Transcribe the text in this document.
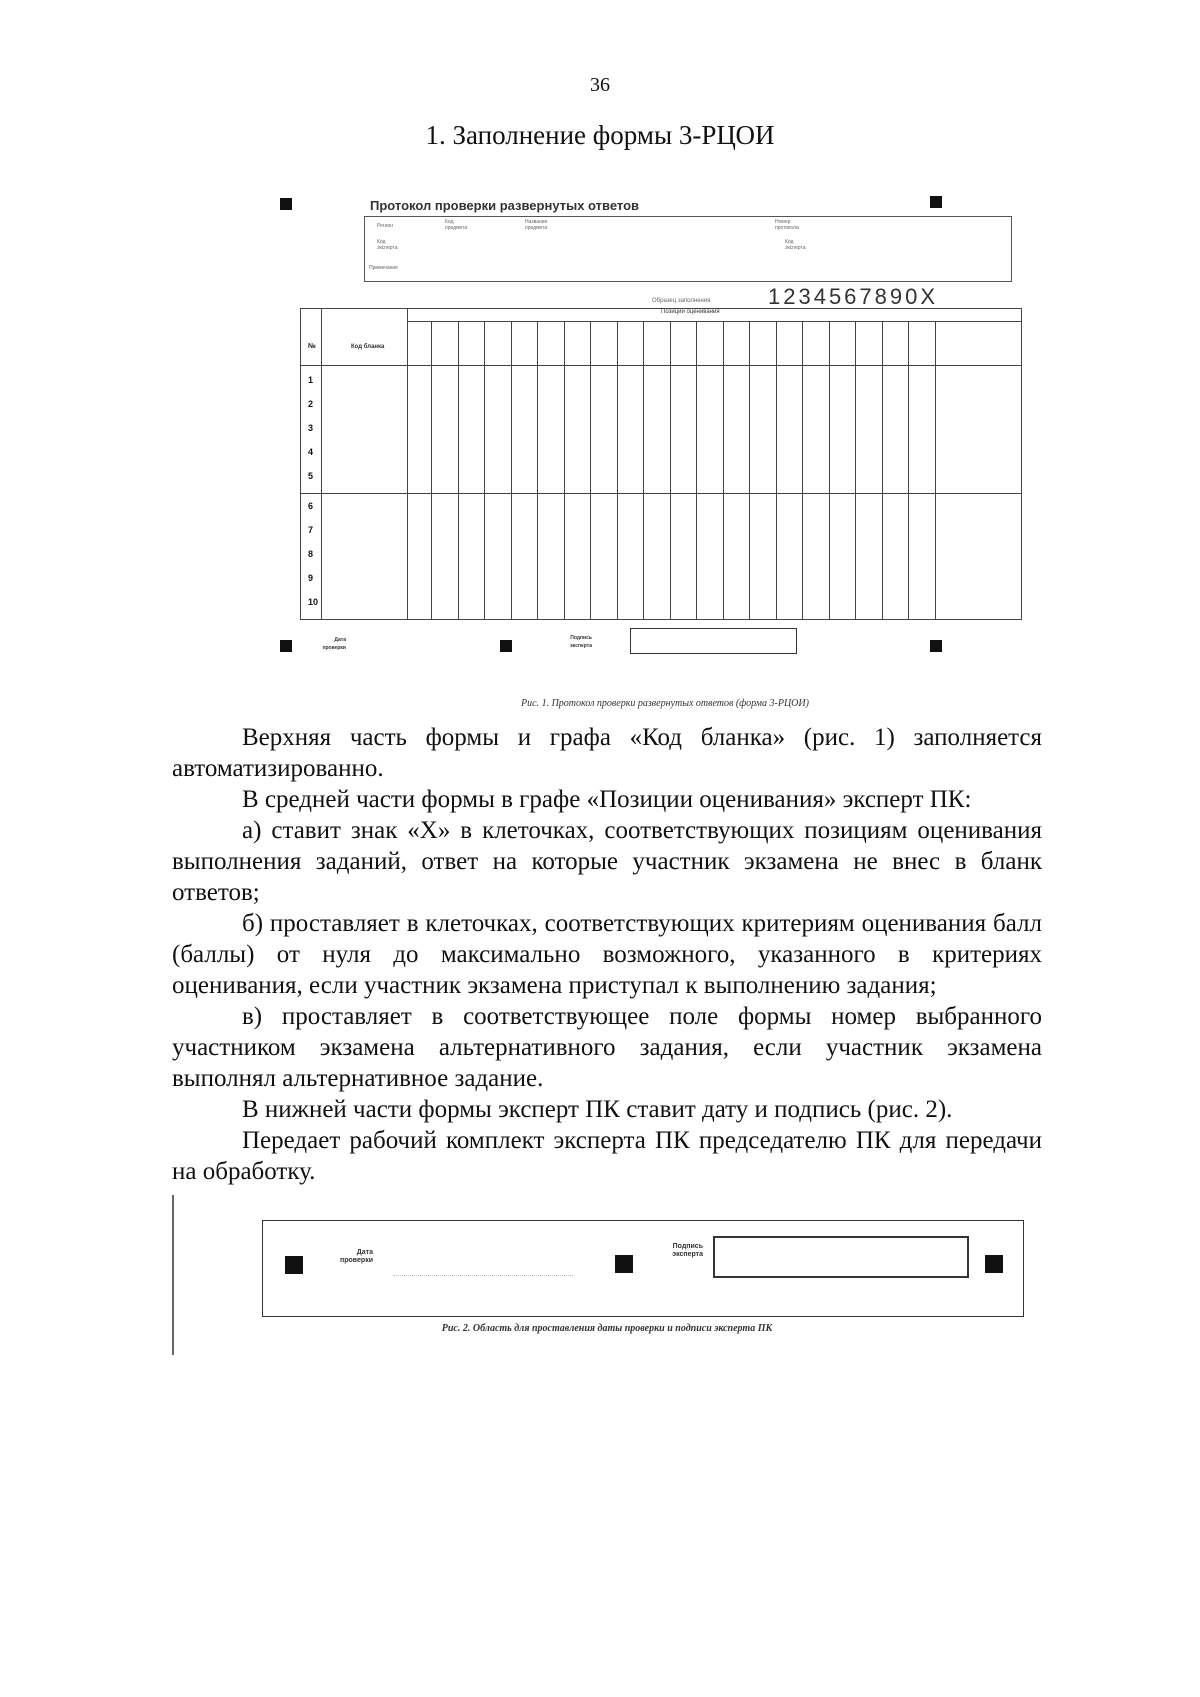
36
1. Заполнение формы 3-РЦОИ
Протокол проверки развернутых ответов
Регион
Код предмета
Название предмета
Код эксперта
Номер протокола
Код эксперта
Примечание
Образец заполнения	1234567890X
№	Код бланка
Позиции оценивания
1
2
3
4
5
6
7
8
9
10
Дата проверки
Подпись эксперта
Рис. 1. Протокол проверки развернутых ответов (форма 3-РЦОИ)

Верхняя часть формы и графа «Код бланка» (рис. 1) заполняется автоматизированно.

В средней части формы в графе «Позиции оценивания» эксперт ПК:

а) ставит знак «Х» в клеточках, соответствующих позициям оценивания выполнения заданий, ответ на которые участник экзамена не внес в бланк ответов;

б) проставляет в клеточках, соответствующих критериям оценивания балл (баллы) от нуля до максимально возможного, указанного в критериях оценивания, если участник экзамена приступал к выполнению задания;

в) проставляет в соответствующее поле формы номер выбранного участником экзамена альтернативного задания, если участник экзамена выполнял альтернативное задание.

В нижней части формы эксперт ПК ставит дату и подпись (рис. 2).

Передает рабочий комплект эксперта ПК председателю ПК для передачи на обработку.

Дата проверки
Подпись эксперта
Рис. 2. Область для проставления даты проверки и подписи эксперта ПК
